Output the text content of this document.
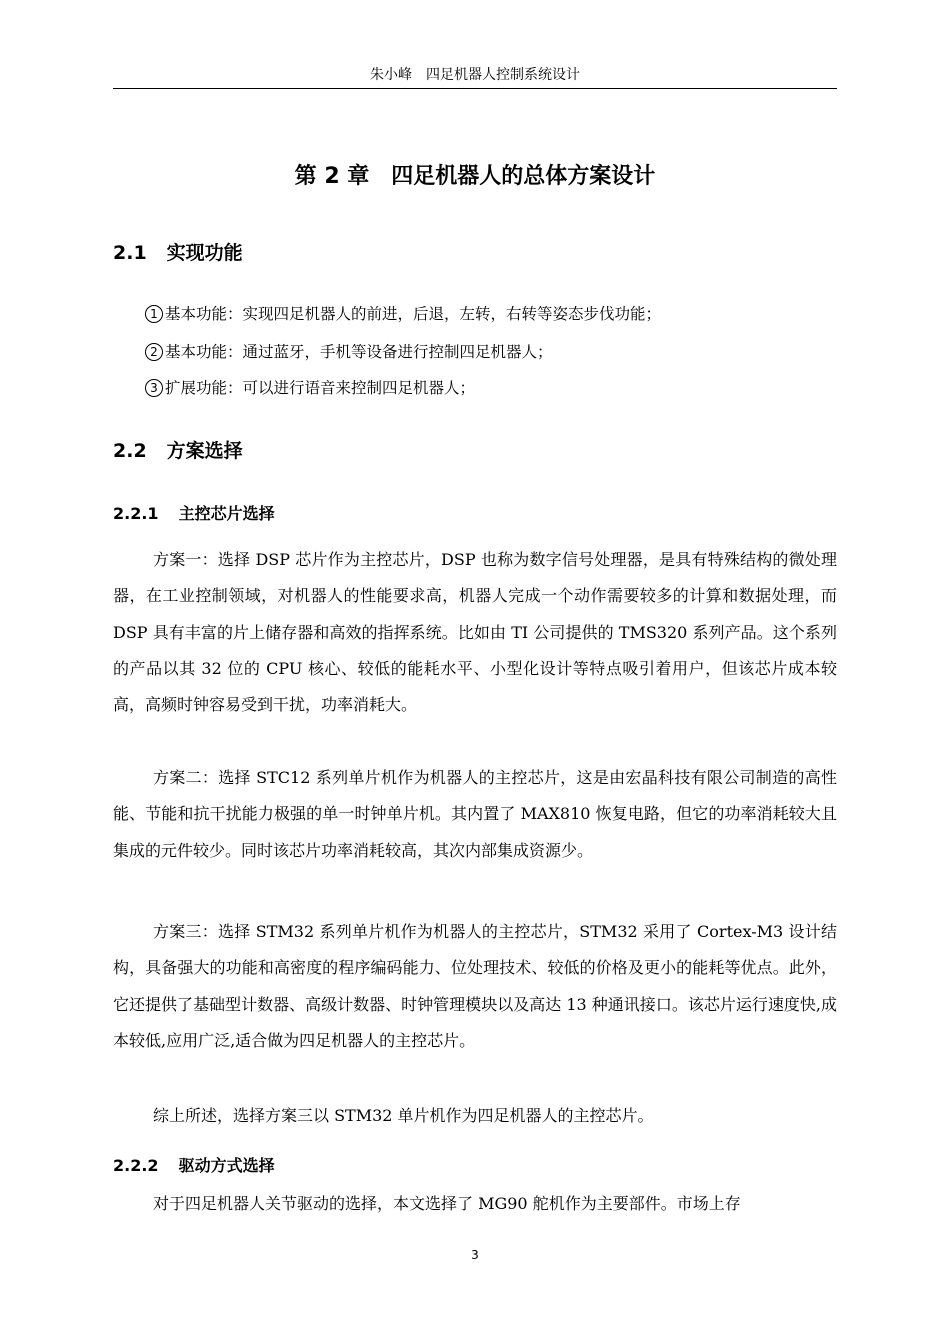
朱小峰　四足机器人控制系统设计
第 2 章　四足机器人的总体方案设计
2.1 实现功能
1 基本功能：实现四足机器人的前进，后退，左转，右转等姿态步伐功能；
2 基本功能：通过蓝牙，手机等设备进行控制四足机器人；
3 扩展功能：可以进行语音来控制四足机器人；
2.2 方案选择
2.2.1 主控芯片选择

方案一：选择 DSP 芯片作为主控芯片，DSP 也称为数字信号处理器，是具有特殊结构的微处理器，在工业控制领域，对机器人的性能要求高，机器人完成一个动作需要较多的计算和数据处理，而 DSP 具有丰富的片上储存器和高效的指挥系统。比如由 TI 公司提供的 TMS320 系列产品。这个系列的产品以其 32 位的 CPU 核心、较低的能耗水平、小型化设计等特点吸引着用户，但该芯片成本较高，高频时钟容易受到干扰，功率消耗大。

方案二：选择 STC12 系列单片机作为机器人的主控芯片，这是由宏晶科技有限公司制造的高性能、节能和抗干扰能力极强的单一时钟单片机。其内置了 MAX810 恢复电路，但它的功率消耗较大且集成的元件较少。同时该芯片功率消耗较高，其次内部集成资源少。

方案三：选择 STM32 系列单片机作为机器人的主控芯片，STM32 采用了 Cortex-M3 设计结构，具备强大的功能和高密度的程序编码能力、位处理技术、较低的价格及更小的能耗等优点。此外，它还提供了基础型计数器、高级计数器、时钟管理模块以及高达 13 种通讯接口。该芯片运行速度快,成本较低,应用广泛,适合做为四足机器人的主控芯片。

综上所述，选择方案三以 STM32 单片机作为四足机器人的主控芯片。

2.2.2 驱动方式选择

对于四足机器人关节驱动的选择，本文选择了 MG90 舵机作为主要部件。市场上存

3
